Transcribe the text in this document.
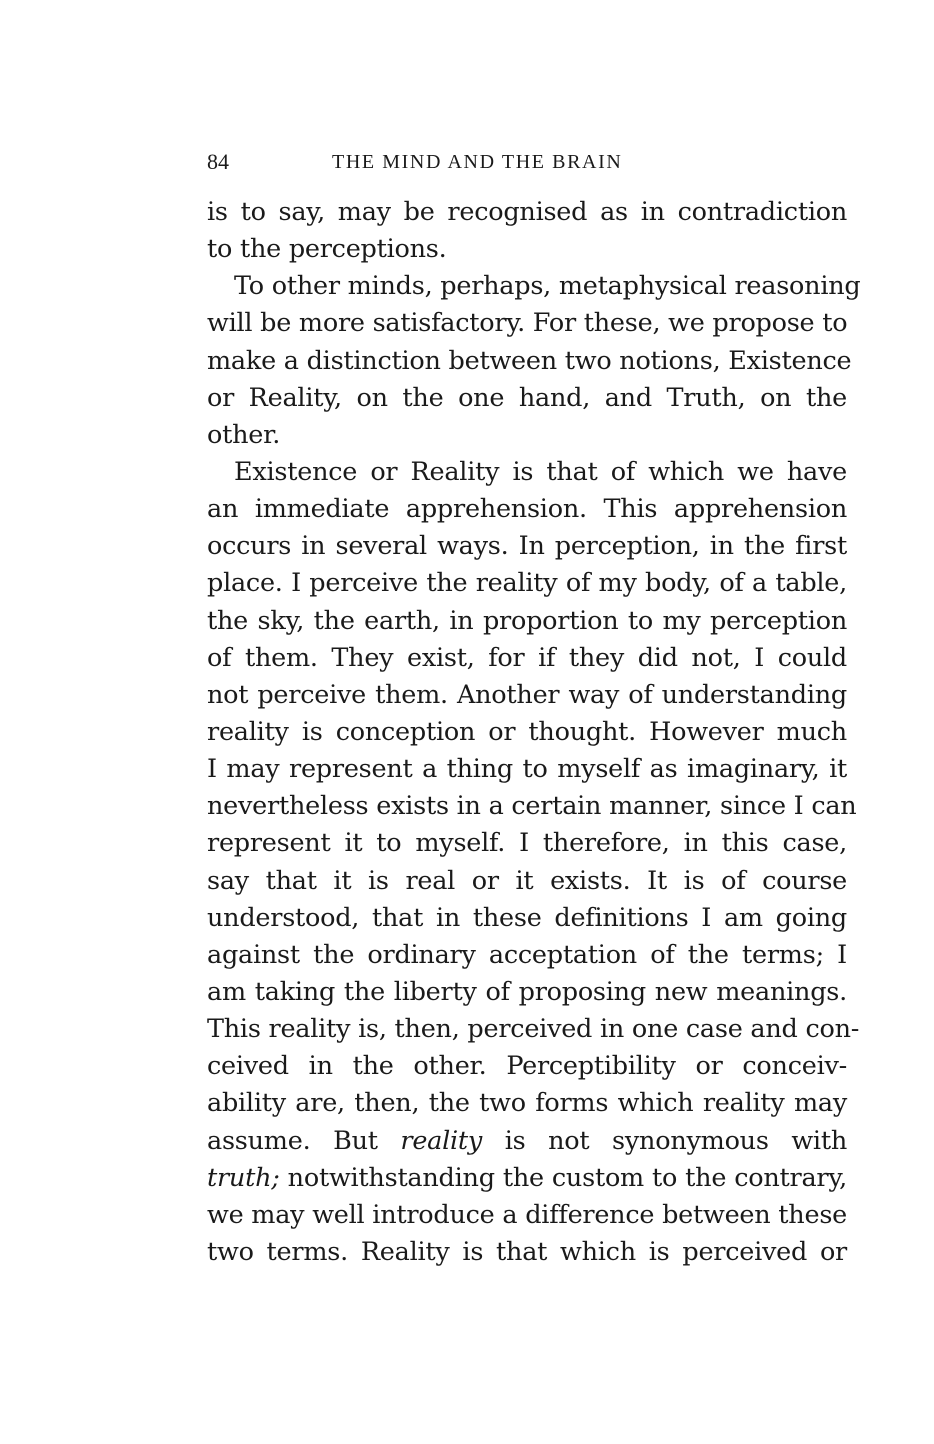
84	THE MIND AND THE BRAIN
is to say, may be recognised as in contradiction
to the perceptions.
To other minds, perhaps, metaphysical reasoning
will be more satisfactory. For these, we propose to
make a distinction between two notions, Existence
or Reality, on the one hand, and Truth, on the
other.
Existence or Reality is that of which we have
an immediate apprehension. This apprehension
occurs in several ways. In perception, in the first
place. I perceive the reality of my body, of a table,
the sky, the earth, in proportion to my perception
of them. They exist, for if they did not, I could
not perceive them. Another way of understanding
reality is conception or thought. However much
I may represent a thing to myself as imaginary, it
nevertheless exists in a certain manner, since I can
represent it to myself. I therefore, in this case,
say that it is real or it exists. It is of course
understood, that in these definitions I am going
against the ordinary acceptation of the terms; I
am taking the liberty of proposing new meanings.
This reality is, then, perceived in one case and con-
ceived in the other. Perceptibility or conceiv-
ability are, then, the two forms which reality may
assume. But reality is not synonymous with
truth; notwithstanding the custom to the contrary,
we may well introduce a difference between these
two terms. Reality is that which is perceived or
